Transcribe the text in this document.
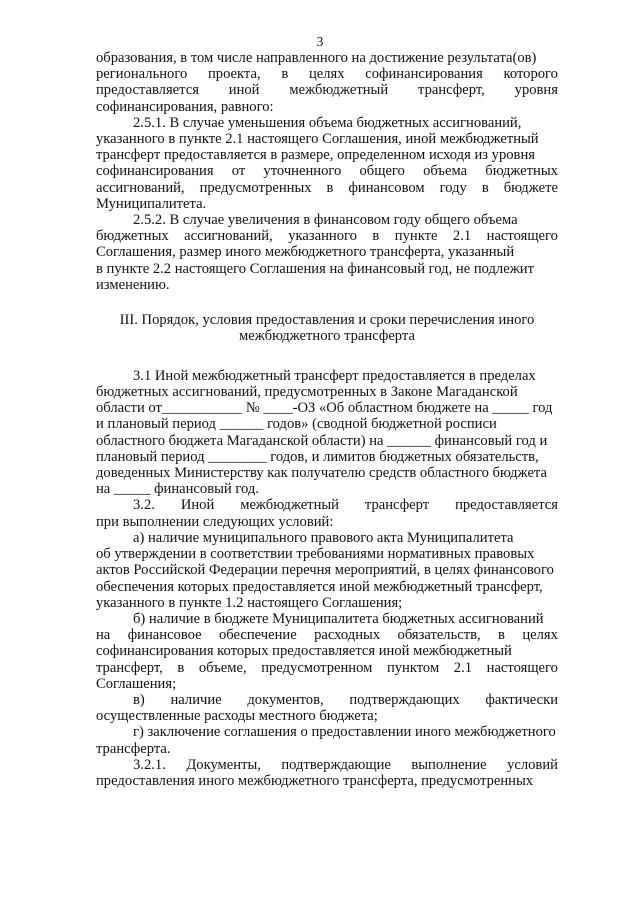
3
образования, в том числе направленного на достижение результата(ов)
регионального проекта, в целях софинансирования которого
предоставляется иной межбюджетный трансферт, уровня
софинансирования, равного:
2.5.1. В случае уменьшения объема бюджетных ассигнований,
указанного в пункте 2.1 настоящего Соглашения, иной межбюджетный
трансферт предоставляется в размере, определенном исходя из уровня
софинансирования от уточненного общего объема бюджетных
ассигнований, предусмотренных в финансовом году в бюджете
Муниципалитета.
2.5.2. В случае увеличения в финансовом году общего объема
бюджетных ассигнований, указанного в пункте 2.1 настоящего
Соглашения, размер иного межбюджетного трансферта, указанный
в пункте 2.2 настоящего Соглашения на финансовый год, не подлежит
изменению.
III. Порядок, условия предоставления и сроки перечисления иного
межбюджетного трансферта
3.1 Иной межбюджетный трансферт предоставляется в пределах
бюджетных ассигнований, предусмотренных в Законе Магаданской
области от___________ № ____-ОЗ «Об областном бюджете на _____ год
и плановый период ______ годов» (сводной бюджетной росписи
областного бюджета Магаданской области) на ______ финансовый год и
плановый период ________ годов, и лимитов бюджетных обязательств,
доведенных Министерству как получателю средств областного бюджета
на _____ финансовый год.
3.2. Иной межбюджетный трансферт предоставляется
при выполнении следующих условий:
а) наличие муниципального правового акта Муниципалитета
об утверждении в соответствии требованиями нормативных правовых
актов Российской Федерации перечня мероприятий, в целях финансового
обеспечения которых предоставляется иной межбюджетный трансферт,
указанного в пункте 1.2 настоящего Соглашения;
б) наличие в бюджете Муниципалитета бюджетных ассигнований
на финансовое обеспечение расходных обязательств, в целях
софинансирования которых предоставляется иной межбюджетный
трансферт, в объеме, предусмотренном пунктом 2.1 настоящего
Соглашения;
в) наличие документов, подтверждающих фактически
осуществленные расходы местного бюджета;
г) заключение соглашения о предоставлении иного межбюджетного
трансферта.
3.2.1. Документы, подтверждающие выполнение условий
предоставления иного межбюджетного трансферта, предусмотренных
